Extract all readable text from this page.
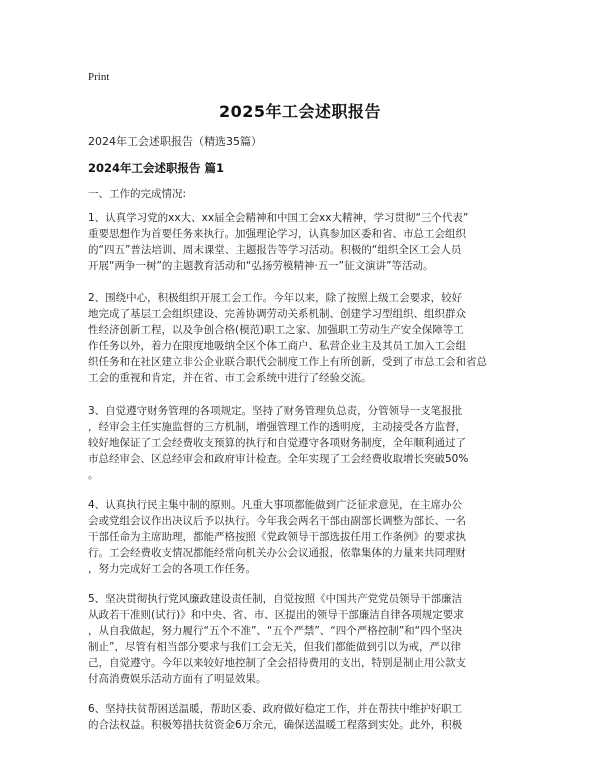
Print
2025年工会述职报告
2024年工会述职报告（精选35篇）
2024年工会述职报告 篇1
一、工作的完成情况:
1、认真学习党的xx大、xx届全会精神和中国工会xx大精神，学习贯彻“三个代表”
重要思想作为首要任务来执行。加强理论学习，认真参加区委和省、市总工会组织
的“四五”普法培训、周末课堂、主题报告等学习活动。积极的“组织全区工会人员
开展“两争一树”的主题教育活动和“弘扬劳模精神·五一”征文演讲”等活动。
2、围绕中心，积极组织开展工会工作。今年以来，除了按照上级工会要求，较好
地完成了基层工会组织建设、完善协调劳动关系机制、创建学习型组织、组织群众
性经济创新工程，以及争创合格(模范)职工之家、加强职工劳动生产安全保障等工
作任务以外，着力在限度地吸纳全区个体工商户、私营企业主及其员工加入工会组
织任务和在社区建立非公企业联合职代会制度工作上有所创新，受到了市总工会和省总
工会的重视和肯定，并在省、市工会系统中进行了经验交流。
3、自觉遵守财务管理的各项规定。坚持了财务管理负总责，分管领导一支笔报批
，经审会主任实施监督的三方机制，增强管理工作的透明度，主动接受各方监督，
较好地保证了工会经费收支预算的执行和自觉遵守各项财务制度，全年顺利通过了
市总经审会、区总经审会和政府审计检查。全年实现了工会经费收取增长突破50%
。
4、认真执行民主集中制的原则。凡重大事项都能做到广泛征求意见，在主席办公
会或党组会议作出决议后予以执行。今年我会两名干部由副部长调整为部长、一名
干部任命为主席助理，都能严格按照《党政领导干部选拔任用工作条例》的要求执
行。工会经费收支情况都能经常向机关办公会议通报，依靠集体的力量来共同理财
，努力完成好工会的各项工作任务。
5、坚决贯彻执行党风廉政建设责任制，自觉按照《中国共产党党员领导干部廉洁
从政若干准则(试行)》和中央、省、市、区提出的领导干部廉洁自律各项规定要求
，从自我做起，努力履行“五个不准”、“五个严禁”、“四个严格控制”和“四个坚决
制止”，尽管有相当部分要求与我们工会无关，但我们都能做到引以为戒，严以律
己，自觉遵守。今年以来较好地控制了全会招待费用的支出，特别是制止用公款支
付高消费娱乐活动方面有了明显效果。
6、坚持扶贫帮困送温暖，帮助区委、政府做好稳定工作，并在帮扶中维护好职工
的合法权益。积极筹措扶贫资金6万余元，确保送温暖工程落到实处。此外，积极
